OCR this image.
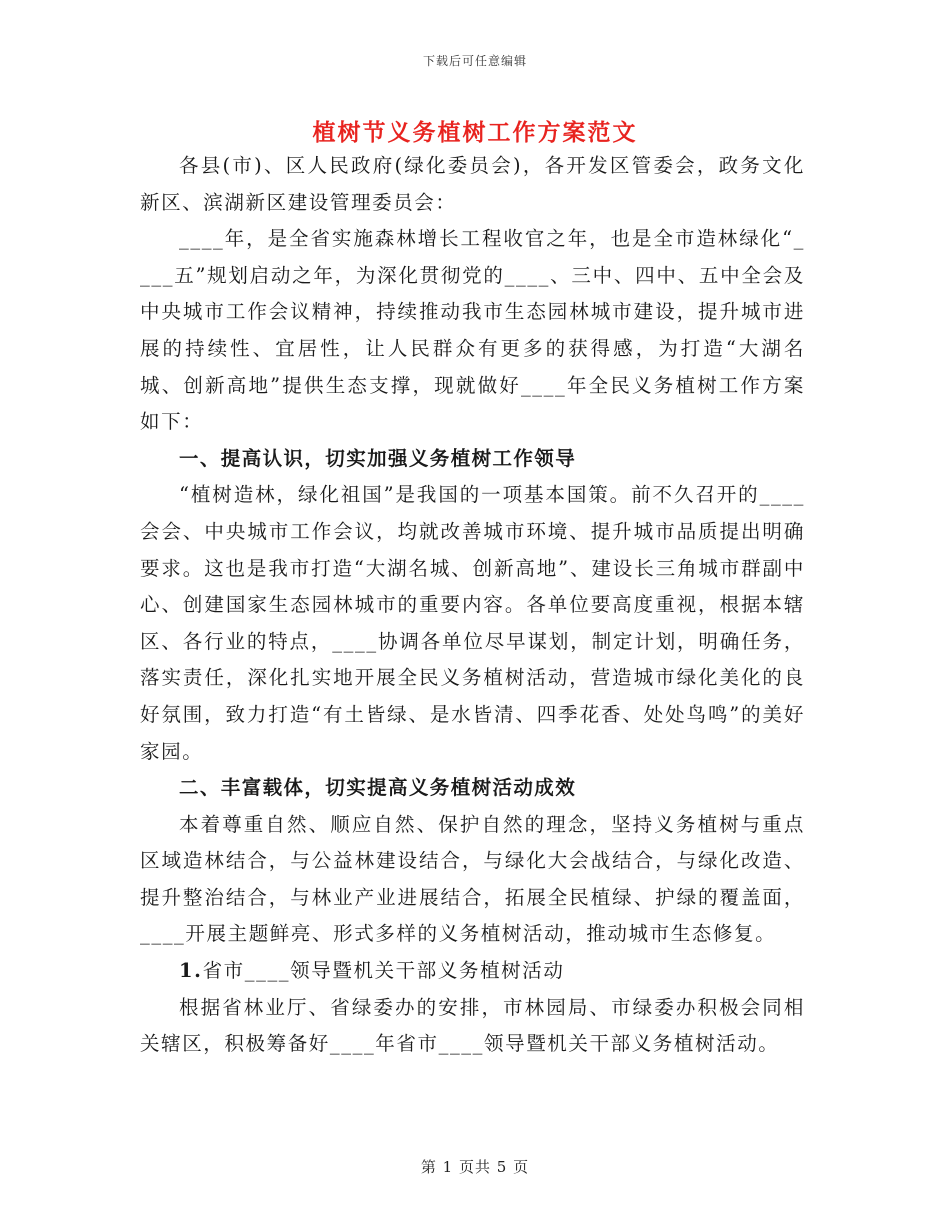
下载后可任意编辑
植树节义务植树工作方案范文

各县(市)、区人民政府(绿化委员会)，各开发区管委会，政务文化新区、滨湖新区建设管理委员会：

____年，是全省实施森林增长工程收官之年，也是全市造林绿化“____五”规划启动之年，为深化贯彻党的____、三中、四中、五中全会及中央城市工作会议精神，持续推动我市生态园林城市建设，提升城市进展的持续性、宜居性，让人民群众有更多的获得感，为打造“大湖名城、创新高地”提供生态支撑，现就做好____年全民义务植树工作方案如下：

一、提高认识，切实加强义务植树工作领导

“植树造林，绿化祖国”是我国的一项基本国策。前不久召开的____会会、中央城市工作会议，均就改善城市环境、提升城市品质提出明确要求。这也是我市打造“大湖名城、创新高地”、建设长三角城市群副中心、创建国家生态园林城市的重要内容。各单位要高度重视，根据本辖区、各行业的特点，____协调各单位尽早谋划，制定计划，明确任务，落实责任，深化扎实地开展全民义务植树活动，营造城市绿化美化的良好氛围，致力打造“有土皆绿、是水皆清、四季花香、处处鸟鸣”的美好家园。

二、丰富载体，切实提高义务植树活动成效

本着尊重自然、顺应自然、保护自然的理念，坚持义务植树与重点区域造林结合，与公益林建设结合，与绿化大会战结合，与绿化改造、提升整治结合，与林业产业进展结合，拓展全民植绿、护绿的覆盖面，____开展主题鲜亮、形式多样的义务植树活动，推动城市生态修复。

1.省市____领导暨机关干部义务植树活动

根据省林业厅、省绿委办的安排，市林园局、市绿委办积极会同相关辖区，积极筹备好____年省市____领导暨机关干部义务植树活动。

第 1 页共 5 页
